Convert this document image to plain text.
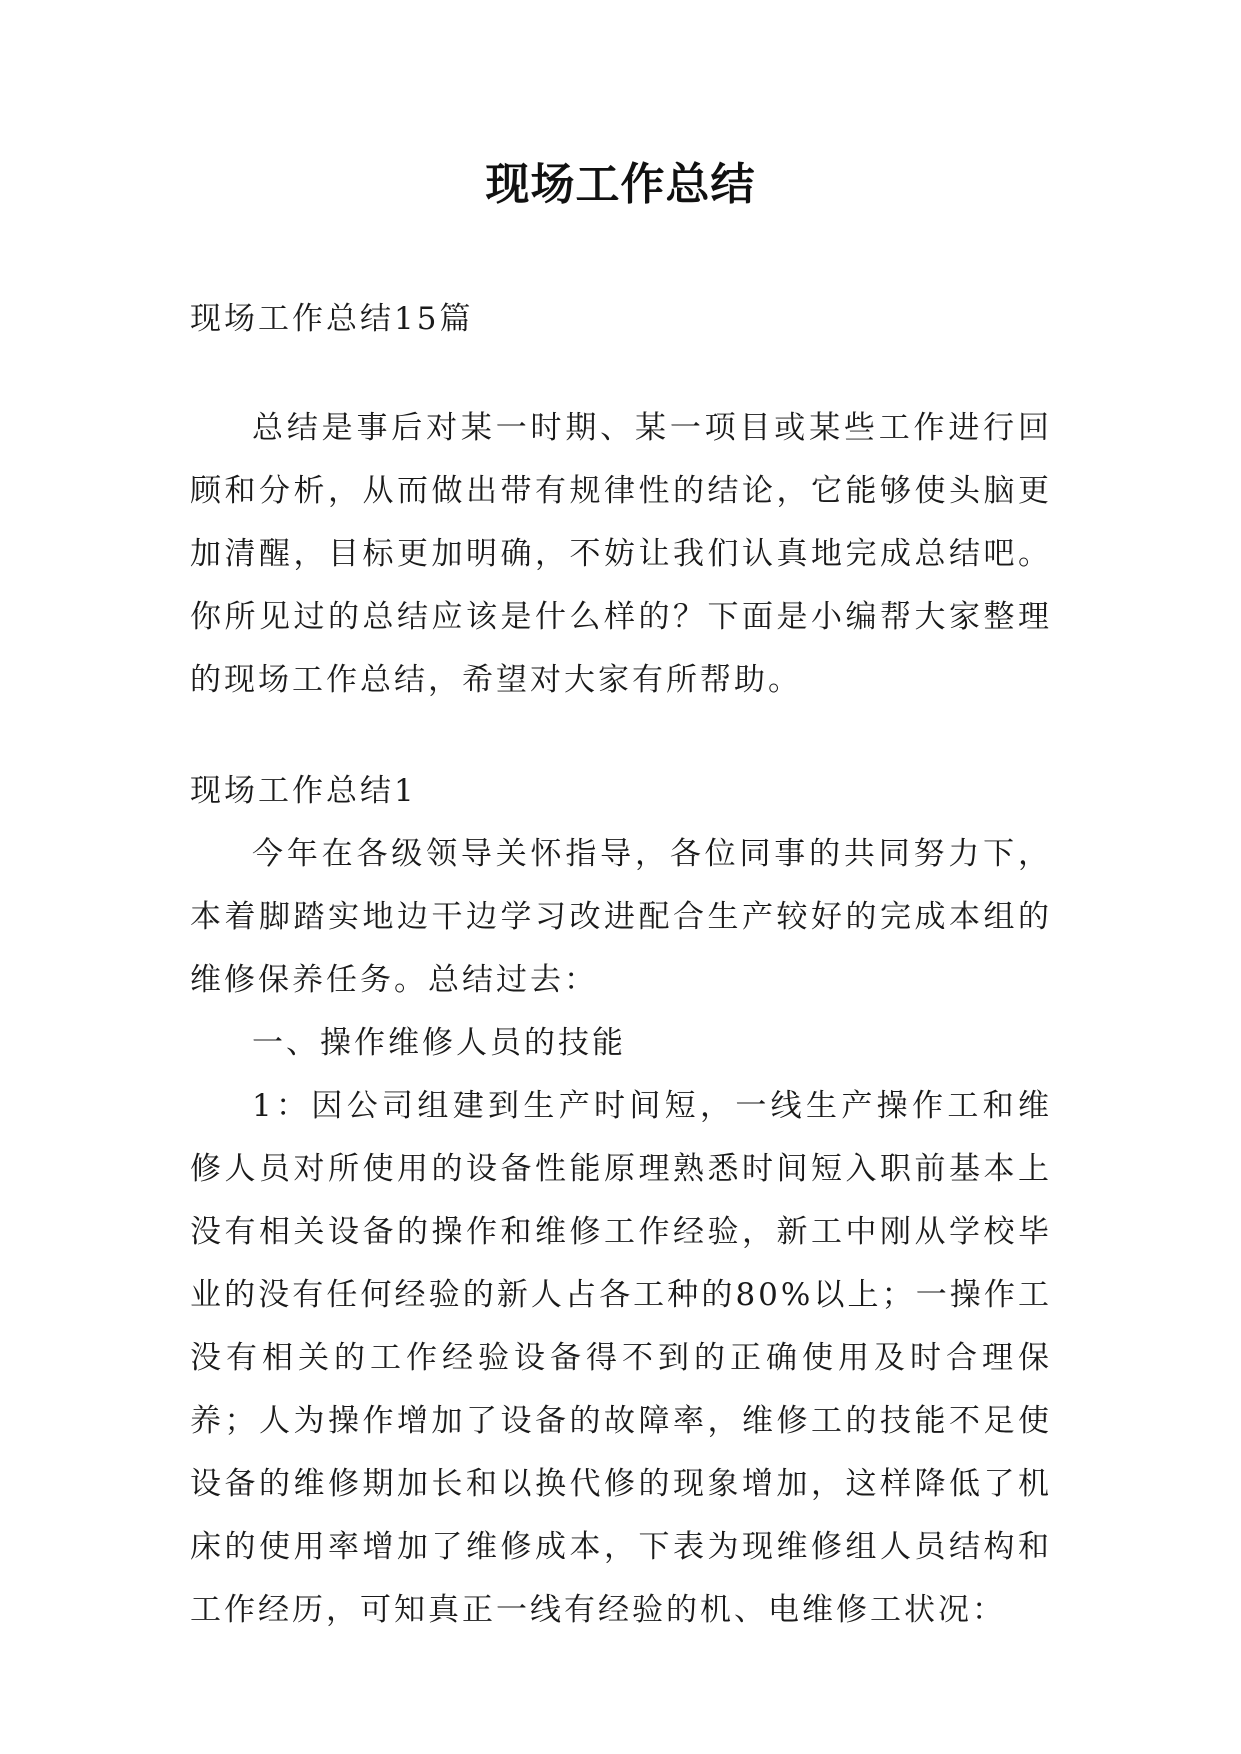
现场工作总结

现场工作总结15篇

总结是事后对某一时期、某一项目或某些工作进行回顾和分析，从而做出带有规律性的结论，它能够使头脑更加清醒，目标更加明确，不妨让我们认真地完成总结吧。你所见过的总结应该是什么样的？下面是小编帮大家整理的现场工作总结，希望对大家有所帮助。

现场工作总结1

今年在各级领导关怀指导，各位同事的共同努力下，本着脚踏实地边干边学习改进配合生产较好的完成本组的维修保养任务。总结过去：

一、操作维修人员的技能

1：因公司组建到生产时间短，一线生产操作工和维修人员对所使用的设备性能原理熟悉时间短入职前基本上没有相关设备的操作和维修工作经验，新工中刚从学校毕业的没有任何经验的新人占各工种的80%以上；一操作工没有相关的工作经验设备得不到的正确使用及时合理保养；人为操作增加了设备的故障率，维修工的技能不足使设备的维修期加长和以换代修的现象增加，这样降低了机床的使用率增加了维修成本，下表为现维修组人员结构和工作经历，可知真正一线有经验的机、电维修工状况：
